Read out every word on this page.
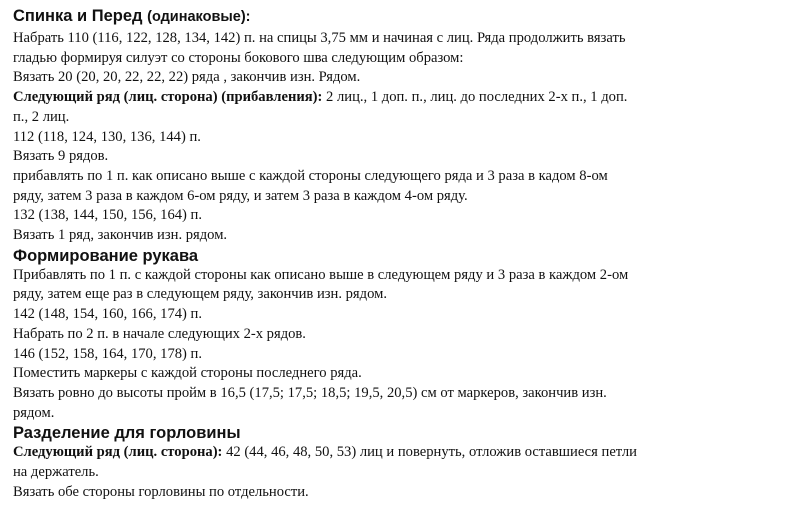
Спинка и Перед (одинаковые):

Набрать 110 (116, 122, 128, 134, 142) п. на спицы 3,75 мм и начиная с лиц. Ряда продолжить вязать

гладью формируя силуэт со стороны бокового шва следующим образом:

Вязать 20 (20, 20, 22, 22, 22) ряда , закончив изн. Рядом.

Следующий ряд (лиц. сторона) (прибавления): 2 лиц., 1 доп. п., лиц. до последних 2-х п., 1 доп.

п., 2 лиц.

112 (118, 124, 130, 136, 144) п.

Вязать 9 рядов.

прибавлять по 1 п. как описано выше с каждой стороны следующего ряда и 3 раза в кадом 8-ом

ряду, затем 3 раза в каждом 6-ом ряду, и затем 3 раза в каждом 4-ом ряду.

132 (138, 144, 150, 156, 164) п.

Вязать 1 ряд, закончив изн. рядом.

Формирование рукава

Прибавлять по 1 п. с каждой стороны как описано выше в следующем ряду и 3 раза в каждом 2-ом

ряду, затем еще раз в следующем ряду, закончив изн. рядом.

142 (148, 154, 160, 166, 174) п.

Набрать по 2 п. в начале следующих 2-х рядов.

146 (152, 158, 164, 170, 178) п.

Поместить маркеры с каждой стороны последнего ряда.

Вязать ровно до высоты пройм в 16,5 (17,5; 17,5; 18,5; 19,5, 20,5) см от маркеров, закончив изн.

рядом.

Разделение для горловины

Следующий ряд (лиц. сторона): 42 (44, 46, 48, 50, 53) лиц и повернуть, отложив оставшиеся петли

на держатель.

Вязать обе стороны горловины по отдельности.
